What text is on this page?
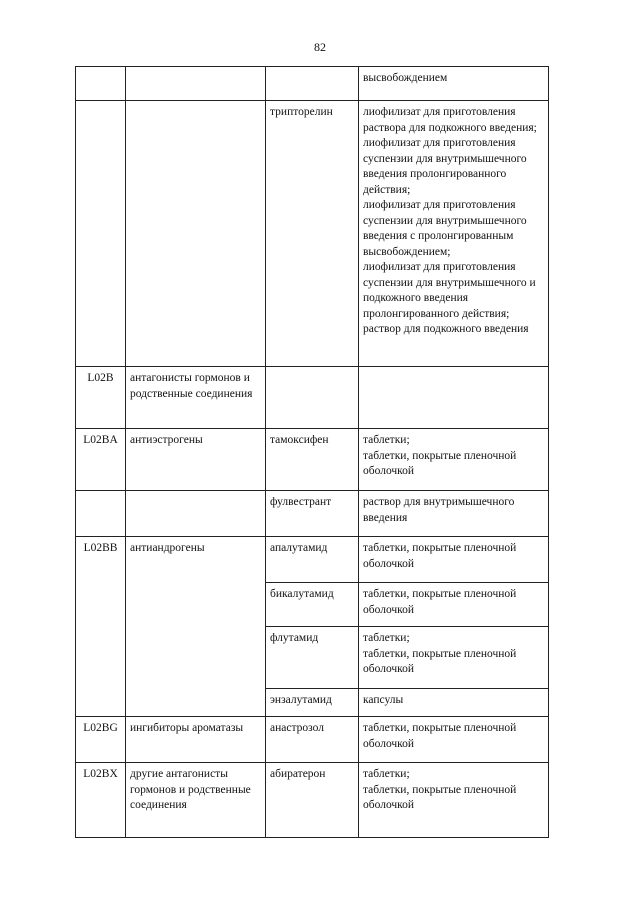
82

			высвобождением

		трипторелин	лиофилизат для приготовления раствора для подкожного введения;
лиофилизат для приготовления суспензии для внутримышечного введения пролонгированного действия;
лиофилизат для приготовления суспензии для внутримышечного введения с пролонгированным высвобождением;
лиофилизат для приготовления суспензии для внутримышечного и подкожного введения пролонгированного действия;
раствор для подкожного введения

L02B	антагонисты гормонов и родственные соединения		
L02BA	антиэстрогены	тамоксифен	таблетки;
таблетки, покрытые пленочной оболочкой

		фулвестрант	раствор для внутримышечного введения

L02BB	антиандрогены	апалутамид	таблетки, покрытые пленочной оболочкой

		бикалутамид	таблетки, покрытые пленочной оболочкой

		флутамид	таблетки;
таблетки, покрытые пленочной оболочкой

		энзалутамид	капсулы

L02BG	ингибиторы ароматазы	анастрозол	таблетки, покрытые пленочной оболочкой

L02BX	другие антагонисты гормонов и родственные соединения	абиратерон	таблетки;
таблетки, покрытые пленочной оболочкой
